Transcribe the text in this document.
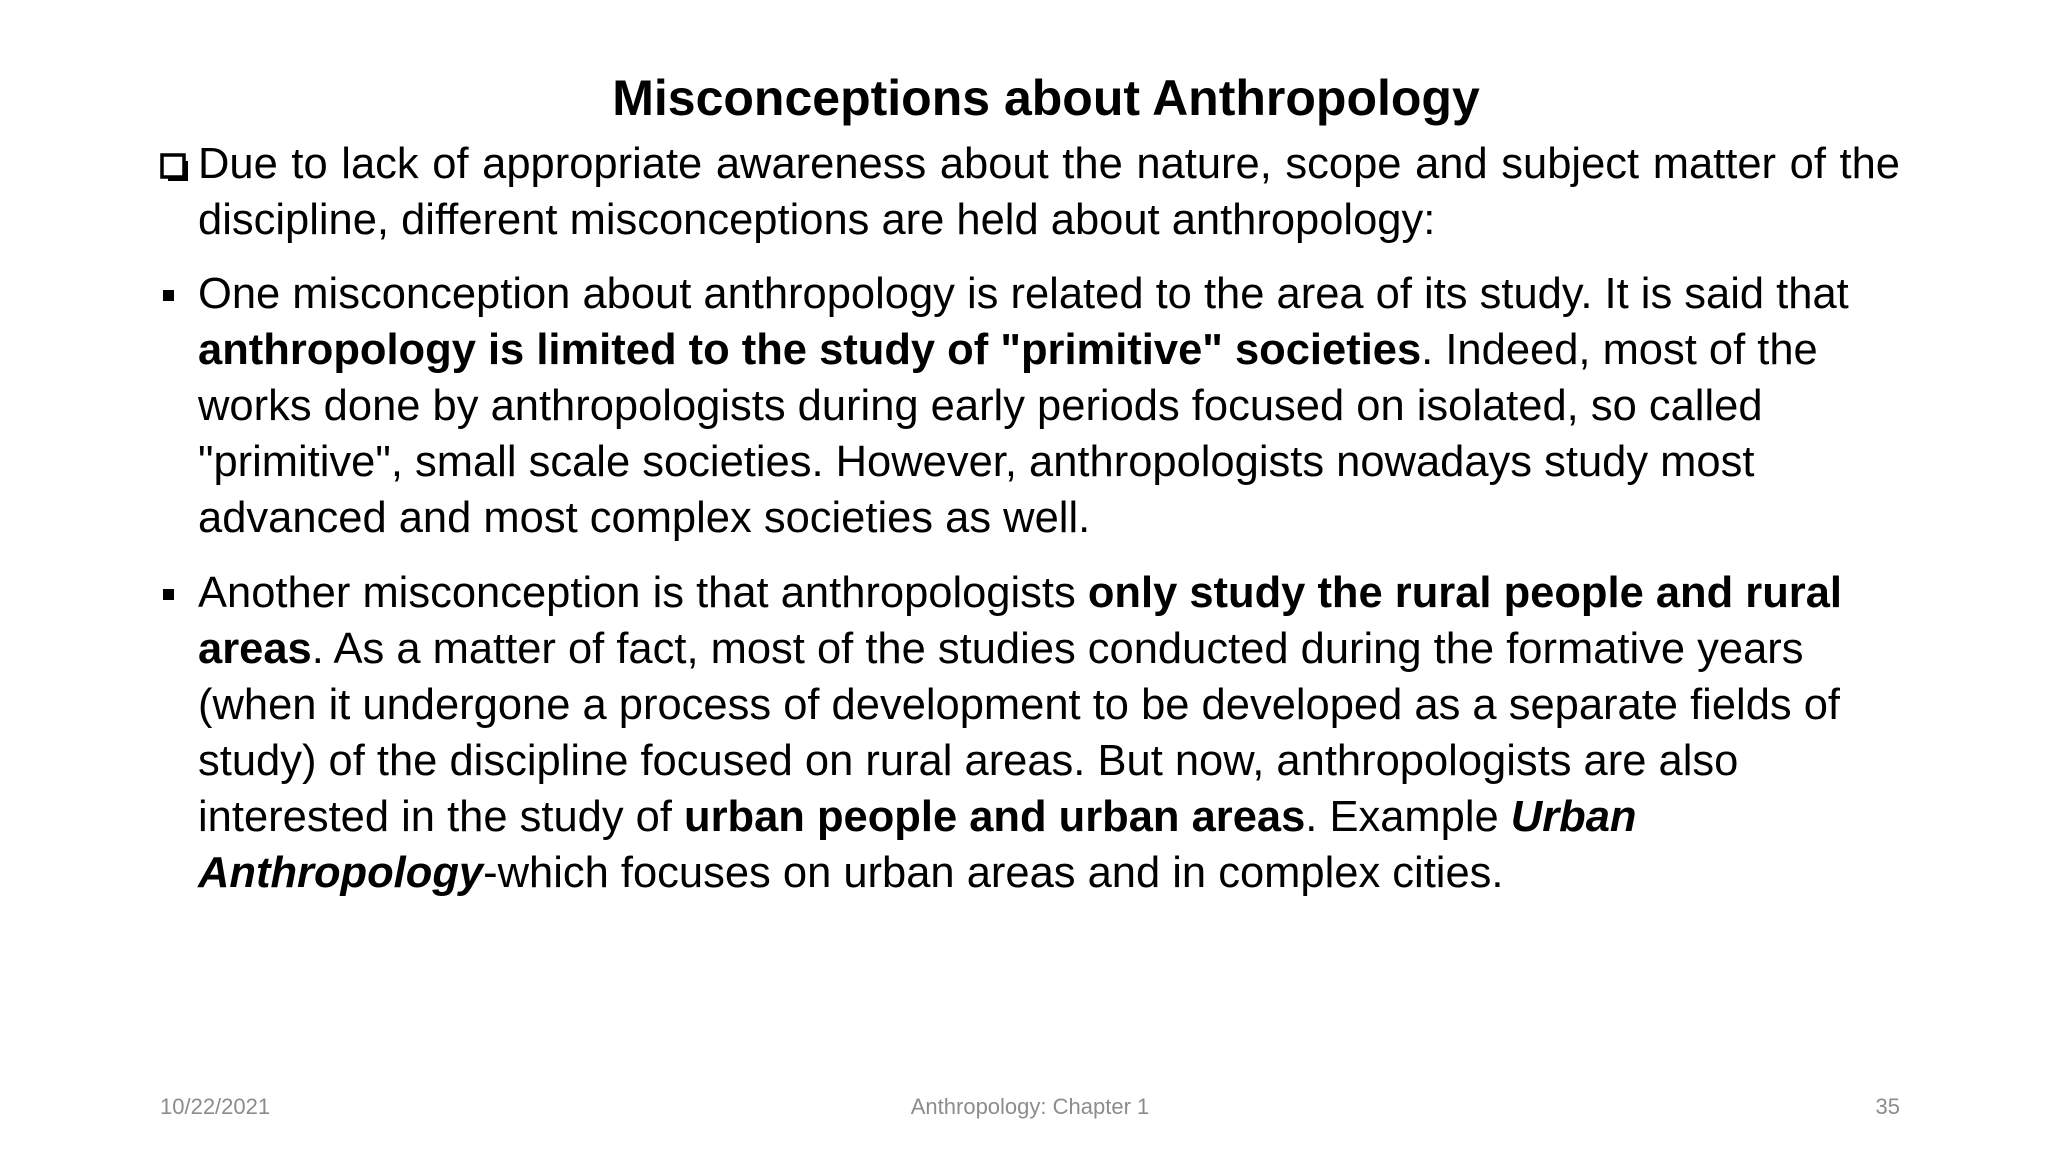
Misconceptions about Anthropology
Due to lack of appropriate awareness about the nature, scope and subject matter of the discipline, different misconceptions are held about anthropology:
One misconception about anthropology is related to the area of its study. It is said that anthropology is limited to the study of "primitive" societies. Indeed, most of the works done by anthropologists during early periods focused on isolated, so called "primitive", small scale societies. However, anthropologists nowadays study most advanced and most complex societies as well.
Another misconception is that anthropologists only study the rural people and rural areas. As a matter of fact, most of the studies conducted during the formative years (when it undergone a process of development to be developed as a separate fields of study) of the discipline focused on rural areas. But now, anthropologists are also interested in the study of urban people and urban areas. Example Urban Anthropology-which focuses on urban areas and in complex cities.
10/22/2021	Anthropology: Chapter 1	35
